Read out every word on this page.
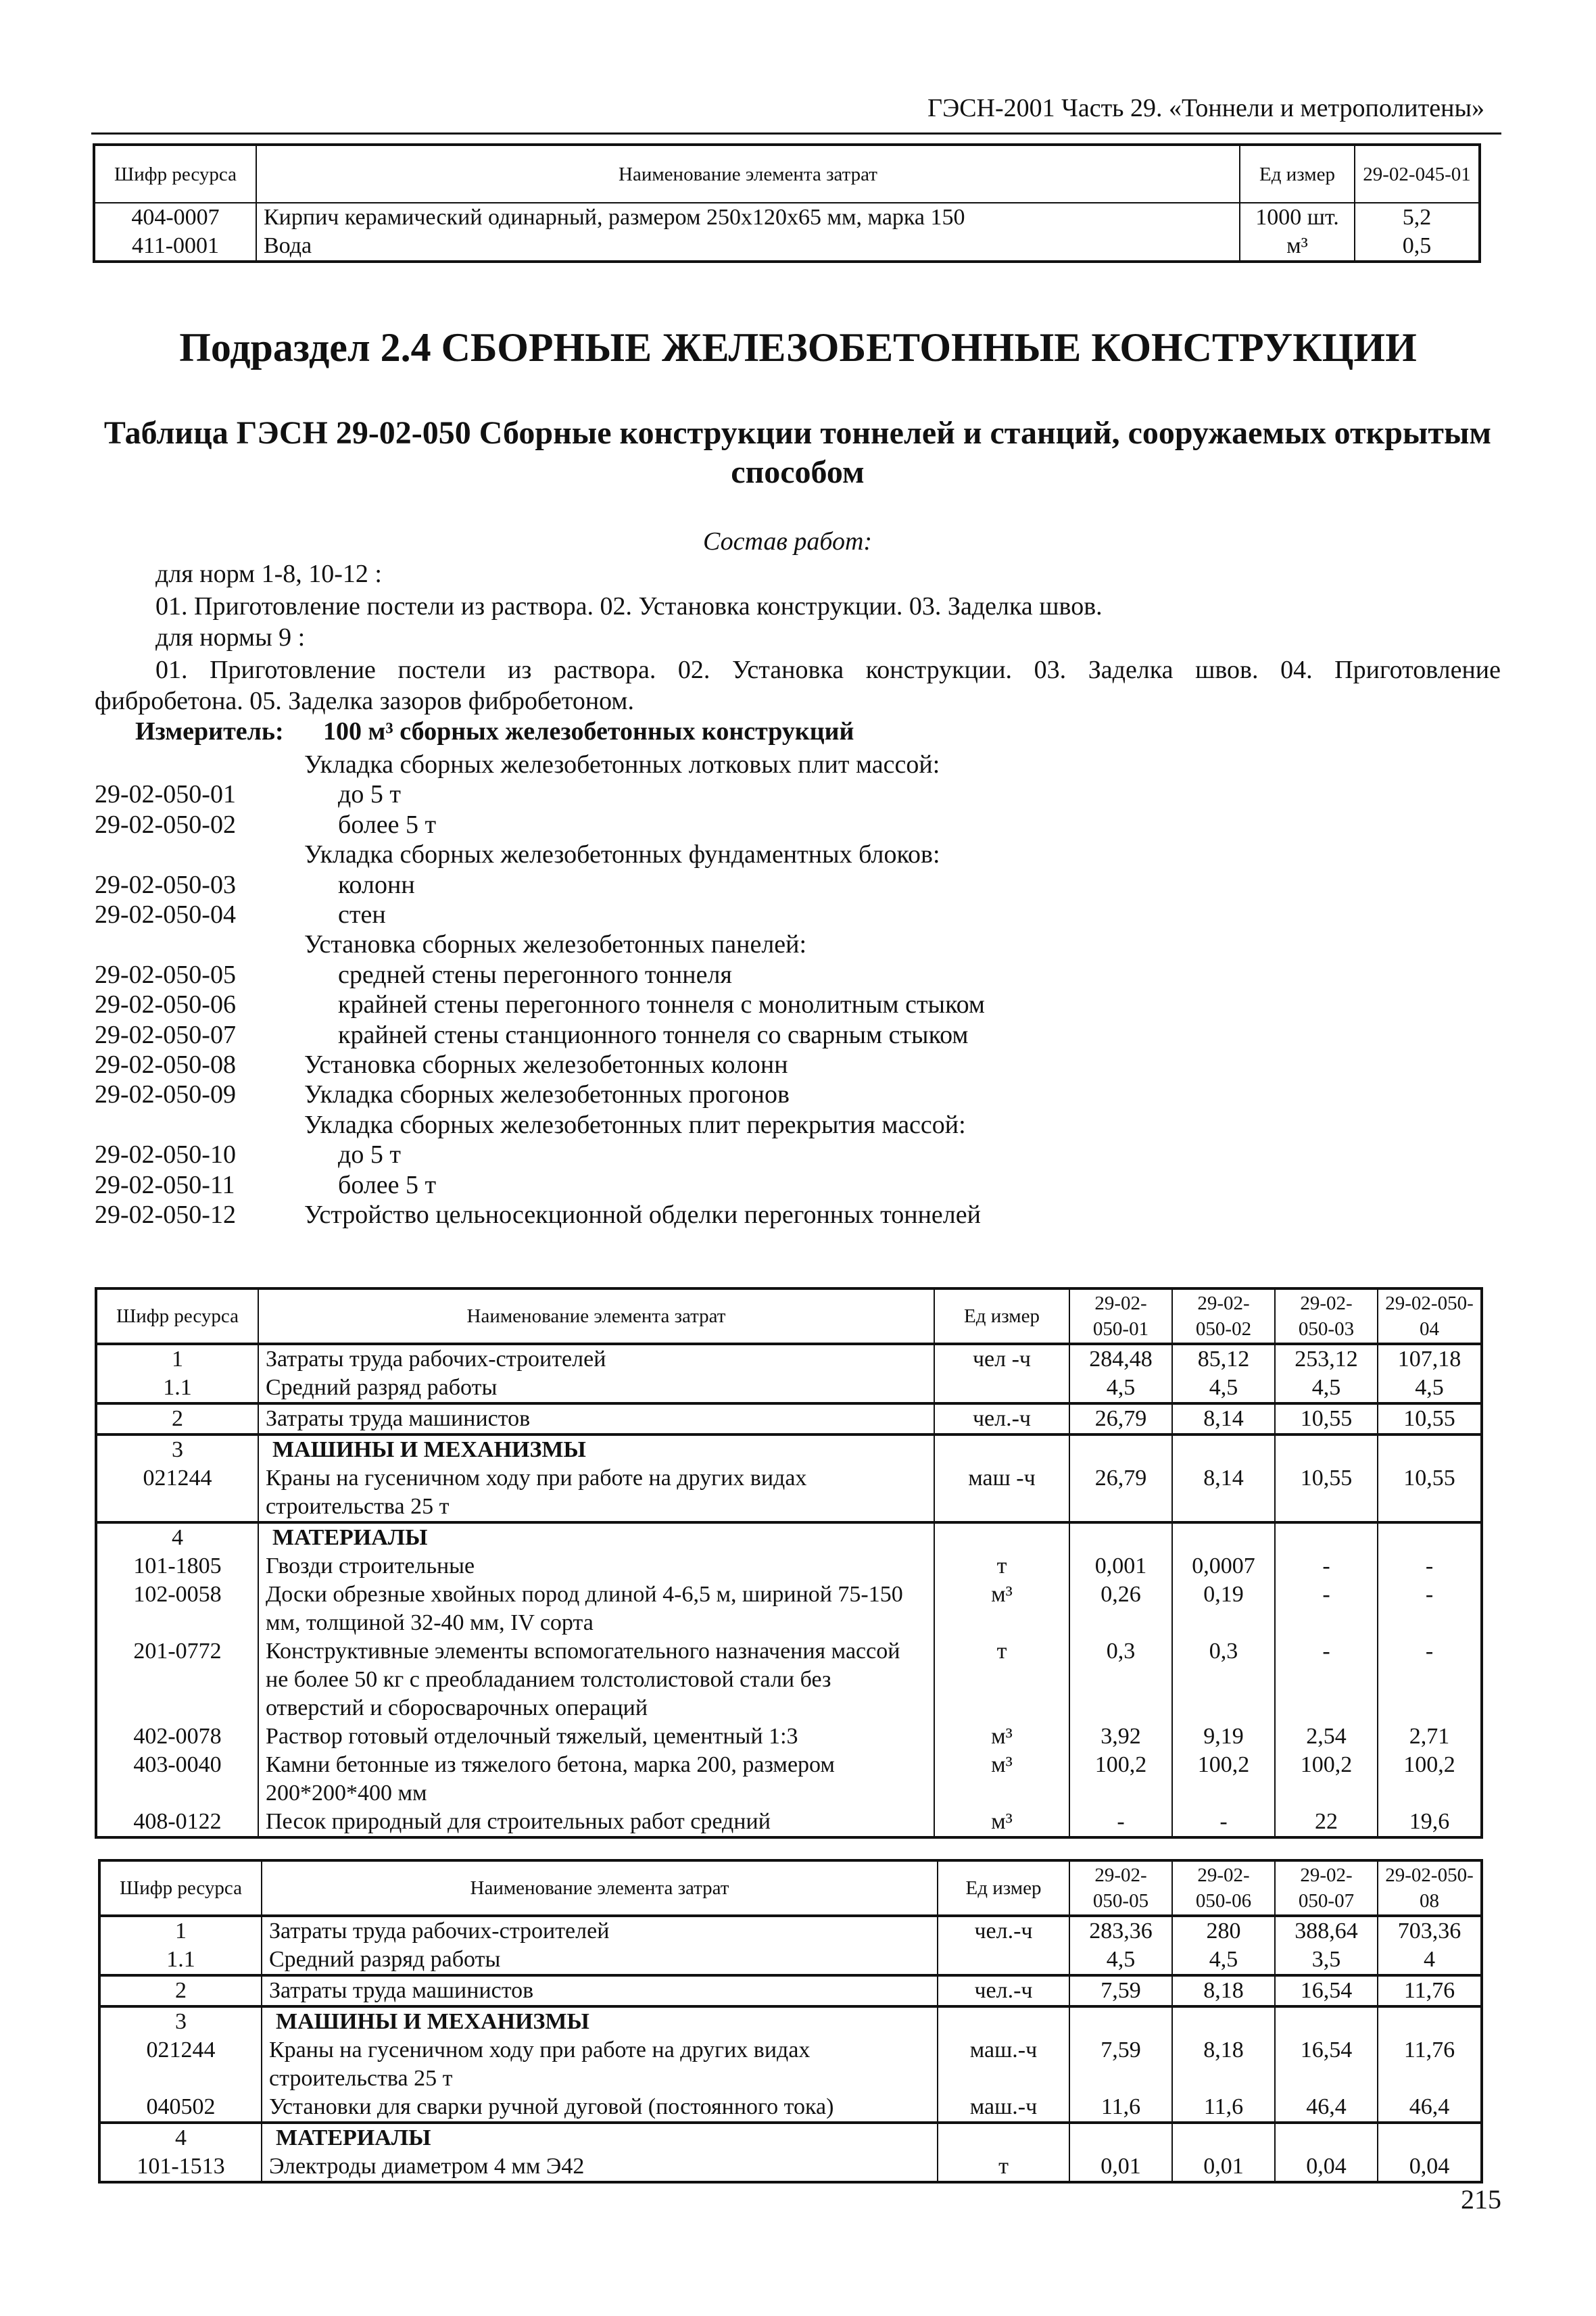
ГЭСН-2001 Часть 29. «Тоннели и метрополитены»
Шифр ресурса	Наименование элемента затрат	Ед измер	29-02-045-01
404-0007	Кирпич керамический одинарный, размером 250x120x65 мм, марка 150	1000 шт.	5,2
411-0001	Вода	м³	0,5
Подраздел 2.4 СБОРНЫЕ ЖЕЛЕЗОБЕТОННЫЕ КОНСТРУКЦИИ
Таблица ГЭСН 29-02-050 Сборные конструкции тоннелей и станций, сооружаемых открытым способом
Состав работ:
для норм 1-8, 10-12 :
01. Приготовление постели из раствора. 02. Установка конструкции. 03. Заделка швов.
для нормы 9 :
01. Приготовление постели из раствора. 02. Установка конструкции. 03. Заделка швов. 04. Приготовление
фибробетона. 05. Заделка зазоров фибробетоном.
Измеритель: 100 м³ сборных железобетонных конструкций
Укладка сборных железобетонных лотковых плит массой:
29-02-050-01	до 5 т
29-02-050-02	более 5 т
Укладка сборных железобетонных фундаментных блоков:
29-02-050-03	колонн
29-02-050-04	стен
Установка сборных железобетонных панелей:
29-02-050-05	средней стены перегонного тоннеля
29-02-050-06	крайней стены перегонного тоннеля с монолитным стыком
29-02-050-07	крайней стены станционного тоннеля со сварным стыком
29-02-050-08	Установка сборных железобетонных колонн
29-02-050-09	Укладка сборных железобетонных прогонов
Укладка сборных железобетонных плит перекрытия массой:
29-02-050-10	до 5 т
29-02-050-11	более 5 т
29-02-050-12	Устройство цельносекционной обделки перегонных тоннелей
Шифр ресурса	Наименование элемента затрат	Ед измер	29-02-050-01	29-02-050-02	29-02-050-03	29-02-050-04
1	Затраты труда рабочих-строителей	чел -ч	284,48	85,12	253,12	107,18
1.1	Средний разряд работы		4,5	4,5	4,5	4,5
2	Затраты труда машинистов	чел.-ч	26,79	8,14	10,55	10,55
3	МАШИНЫ И МЕХАНИЗМЫ					
021244	Краны на гусеничном ходу при работе на других видах строительства 25 т	маш -ч	26,79	8,14	10,55	10,55
4	МАТЕРИАЛЫ					
101-1805	Гвозди строительные	т	0,001	0,0007	-	-
102-0058	Доски обрезные хвойных пород длиной 4-6,5 м, шириной 75-150 мм, толщиной 32-40 мм, IV сорта	м³	0,26	0,19	-	-
201-0772	Конструктивные элементы вспомогательного назначения массой не более 50 кг с преобладанием толстолистовой стали без отверстий и сборосварочных операций	т	0,3	0,3	-	-
402-0078	Раствор готовый отделочный тяжелый, цементный 1:3	м³	3,92	9,19	2,54	2,71
403-0040	Камни бетонные из тяжелого бетона, марка 200, размером 200*200*400 мм	м³	100,2	100,2	100,2	100,2
408-0122	Песок природный для строительных работ средний	м³	-	-	22	19,6
Шифр ресурса	Наименование элемента затрат	Ед измер	29-02-050-05	29-02-050-06	29-02-050-07	29-02-050-08
1	Затраты труда рабочих-строителей	чел.-ч	283,36	280	388,64	703,36
1.1	Средний разряд работы		4,5	4,5	3,5	4
2	Затраты труда машинистов	чел.-ч	7,59	8,18	16,54	11,76
3	МАШИНЫ И МЕХАНИЗМЫ					
021244	Краны на гусеничном ходу при работе на других видах строительства 25 т	маш.-ч	7,59	8,18	16,54	11,76
040502	Установки для сварки ручной дуговой (постоянного тока)	маш.-ч	11,6	11,6	46,4	46,4
4	МАТЕРИАЛЫ					
101-1513	Электроды диаметром 4 мм Э42	т	0,01	0,01	0,04	0,04
215
